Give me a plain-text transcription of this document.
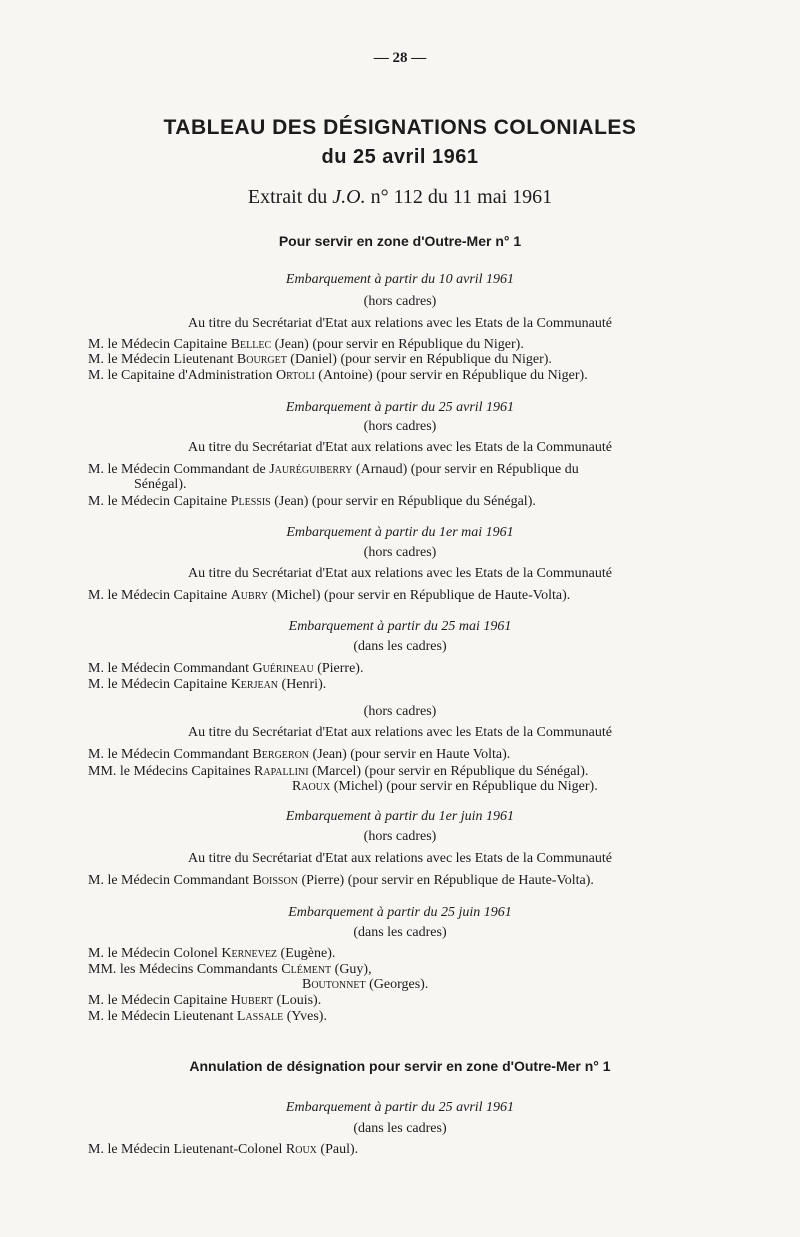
— 28 —
TABLEAU DES DÉSIGNATIONS COLONIALES
du 25 avril 1961
Extrait du J.O. n° 112 du 11 mai 1961
Pour servir en zone d'Outre-Mer n° 1
Embarquement à partir du 10 avril 1961
(hors cadres)
Au titre du Secrétariat d'Etat aux relations avec les Etats de la Communauté
M. le Médecin Capitaine Bellec (Jean) (pour servir en République du Niger).
M. le Médecin Lieutenant Bourget (Daniel) (pour servir en République du Niger).
M. le Capitaine d'Administration Ortoli (Antoine) (pour servir en République du Niger).
Embarquement à partir du 25 avril 1961
(hors cadres)
Au titre du Secrétariat d'Etat aux relations avec les Etats de la Communauté
M. le Médecin Commandant de Jauréguiberry (Arnaud) (pour servir en République du
Sénégal).
M. le Médecin Capitaine Plessis (Jean) (pour servir en République du Sénégal).
Embarquement à partir du 1er mai 1961
(hors cadres)
Au titre du Secrétariat d'Etat aux relations avec les Etats de la Communauté
M. le Médecin Capitaine Aubry (Michel) (pour servir en République de Haute-Volta).
Embarquement à partir du 25 mai 1961
(dans les cadres)
M. le Médecin Commandant Guérineau (Pierre).
M. le Médecin Capitaine Kerjean (Henri).
(hors cadres)
Au titre du Secrétariat d'Etat aux relations avec les Etats de la Communauté
M. le Médecin Commandant Bergeron (Jean) (pour servir en Haute Volta).
MM. le Médecins Capitaines Rapallini (Marcel) (pour servir en République du Sénégal).
Raoux (Michel) (pour servir en République du Niger).
Embarquement à partir du 1er juin 1961
(hors cadres)
Au titre du Secrétariat d'Etat aux relations avec les Etats de la Communauté
M. le Médecin Commandant Boisson (Pierre) (pour servir en République de Haute-Volta).
Embarquement à partir du 25 juin 1961
(dans les cadres)
M. le Médecin Colonel Kernevez (Eugène).
MM. les Médecins Commandants Clément (Guy),
Boutonnet (Georges).
M. le Médecin Capitaine Hubert (Louis).
M. le Médecin Lieutenant Lassale (Yves).
Annulation de désignation pour servir en zone d'Outre-Mer n° 1
Embarquement à partir du 25 avril 1961
(dans les cadres)
M. le Médecin Lieutenant-Colonel Roux (Paul).
